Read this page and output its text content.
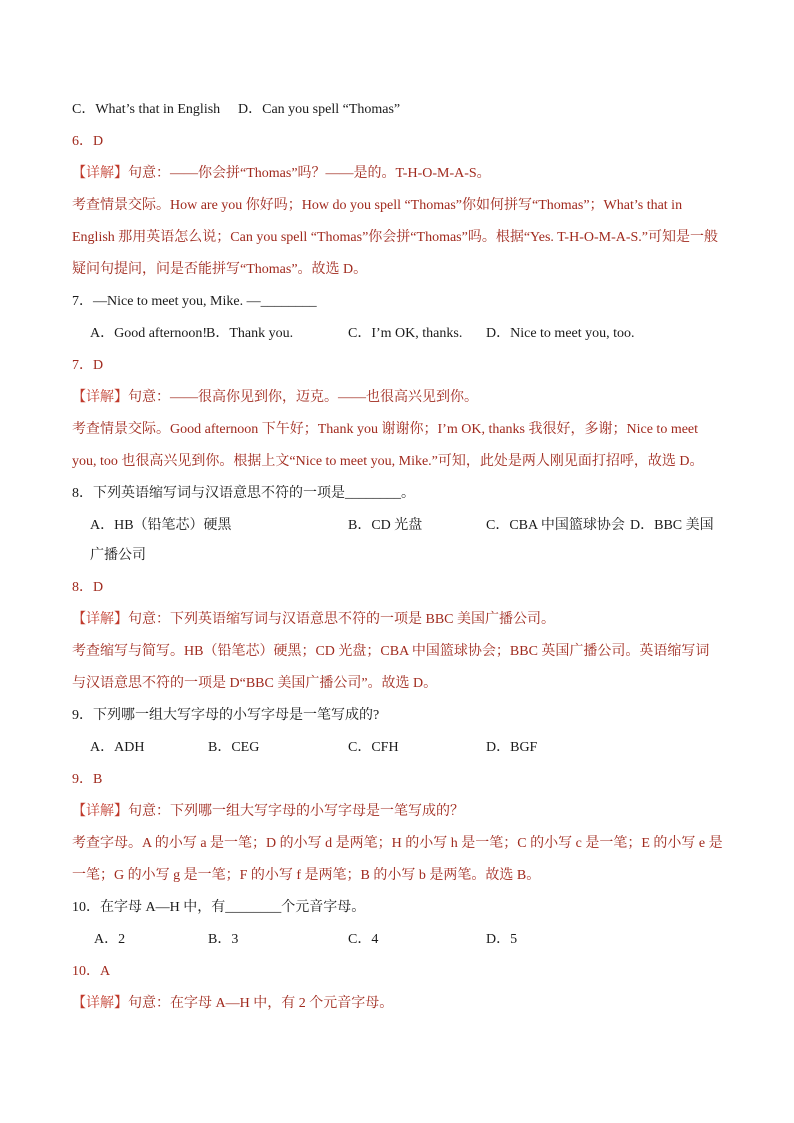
C．What’s that in English D．Can you spell “Thomas”
6．D
【详解】句意：——你会拼“Thomas”吗？——是的。T-H-O-M-A-S。
考查情景交际。How are you 你好吗；How do you spell “Thomas”你如何拼写“Thomas”；What’s that in
English 那用英语怎么说；Can you spell “Thomas”你会拼“Thomas”吗。根据“Yes. T-H-O-M-A-S.”可知是一般
疑问句提问，问是否能拼写“Thomas”。故选 D。
7．—Nice to meet you, Mike. —________
A．Good afternoon!
B．Thank you.	C．I’m OK, thanks. D．Nice to meet you, too.
7．D
【详解】句意：——很高你见到你，迈克。——也很高兴见到你。
考查情景交际。Good afternoon 下午好；Thank you 谢谢你；I’m OK, thanks 我很好，多谢；Nice to meet
you, too 也很高兴见到你。根据上文“Nice to meet you, Mike.”可知，此处是两人刚见面打招呼，故选 D。
8．下列英语缩写词与汉语意思不符的一项是________。
A．HB（铅笔芯）硬黑	B．CD 光盘	C．CBA 中国篮球协会 D．BBC 美国
广播公司
8．D
【详解】句意：下列英语缩写词与汉语意思不符的一项是 BBC 美国广播公司。
考查缩写与简写。HB（铅笔芯）硬黑；CD 光盘；CBA 中国篮球协会；BBC 英国广播公司。英语缩写词
与汉语意思不符的一项是 D“BBC 美国广播公司”。故选 D。
9．下列哪一组大写字母的小写字母是一笔写成的?
A．ADH	B．CEG	C．CFH	D．BGF
9．B
【详解】句意：下列哪一组大写字母的小写字母是一笔写成的？
考查字母。A 的小写 a 是一笔；D 的小写 d 是两笔；H 的小写 h 是一笔；C 的小写 c 是一笔；E 的小写 e 是
一笔；G 的小写 g 是一笔；F 的小写 f 是两笔；B 的小写 b 是两笔。故选 B。
10．在字母 A—H 中，有________个元音字母。
A．2	B．3	C．4	D．5
10．A
【详解】句意：在字母 A—H 中，有 2 个元音字母。
